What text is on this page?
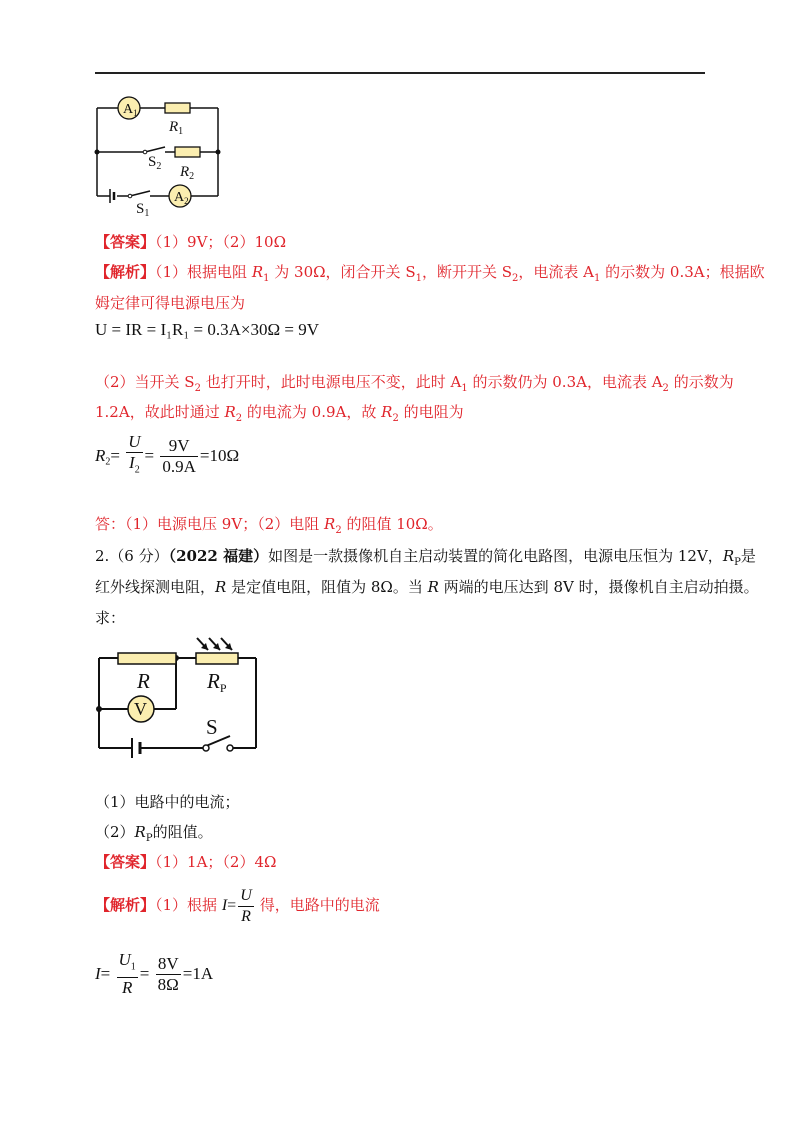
$A_1$
$A_2$
$R_1$
$R_2$
$S_2$
$S_1$
【答案】（1）9V；（2）10Ω
【解析】（1）根据电阻 $R_1$ 为 30Ω，闭合开关 $S_1$，断开开关 $S_2$，电流表 $A_1$ 的示数为 0.3A；根据欧
姆定律可得电源电压为
U = IR = I₁R₁ = 0.3A×30Ω = 9V
（2）当开关 $S_2$ 也打开时，此时电源电压不变，此时 $A_1$ 的示数仍为 0.3A，电流表 $A_2$ 的示数为
1.2A，故此时通过 $R_2$ 的电流为 0.9A，故 $R_2$ 的电阻为
$R_2= \frac{U}{I_2} = \frac{9V}{0.9A} =10\Omega$
答：（1）电源电压 9V；（2）电阻 $R_2$ 的阻值 10Ω。
2.（6 分）（2022 福建）如图是一款摄像机自主启动装置的简化电路图，电源电压恒为 12V，$R_P$是
红外线探测电阻，R 是定值电阻，阻值为 8Ω。当 R 两端的电压达到 8V 时，摄像机自主启动拍摄。
求：
V
R	RP
S
（1）电路中的电流；
$(2)R_P$的阻值。
【答案】（1）1A；（2）4Ω
【解析】（1）根据 $I= \frac{U}{R}$ 得，电路中的电流
$I= \frac{U_1}{R} = \frac{8V}{8\Omega} =1A$
